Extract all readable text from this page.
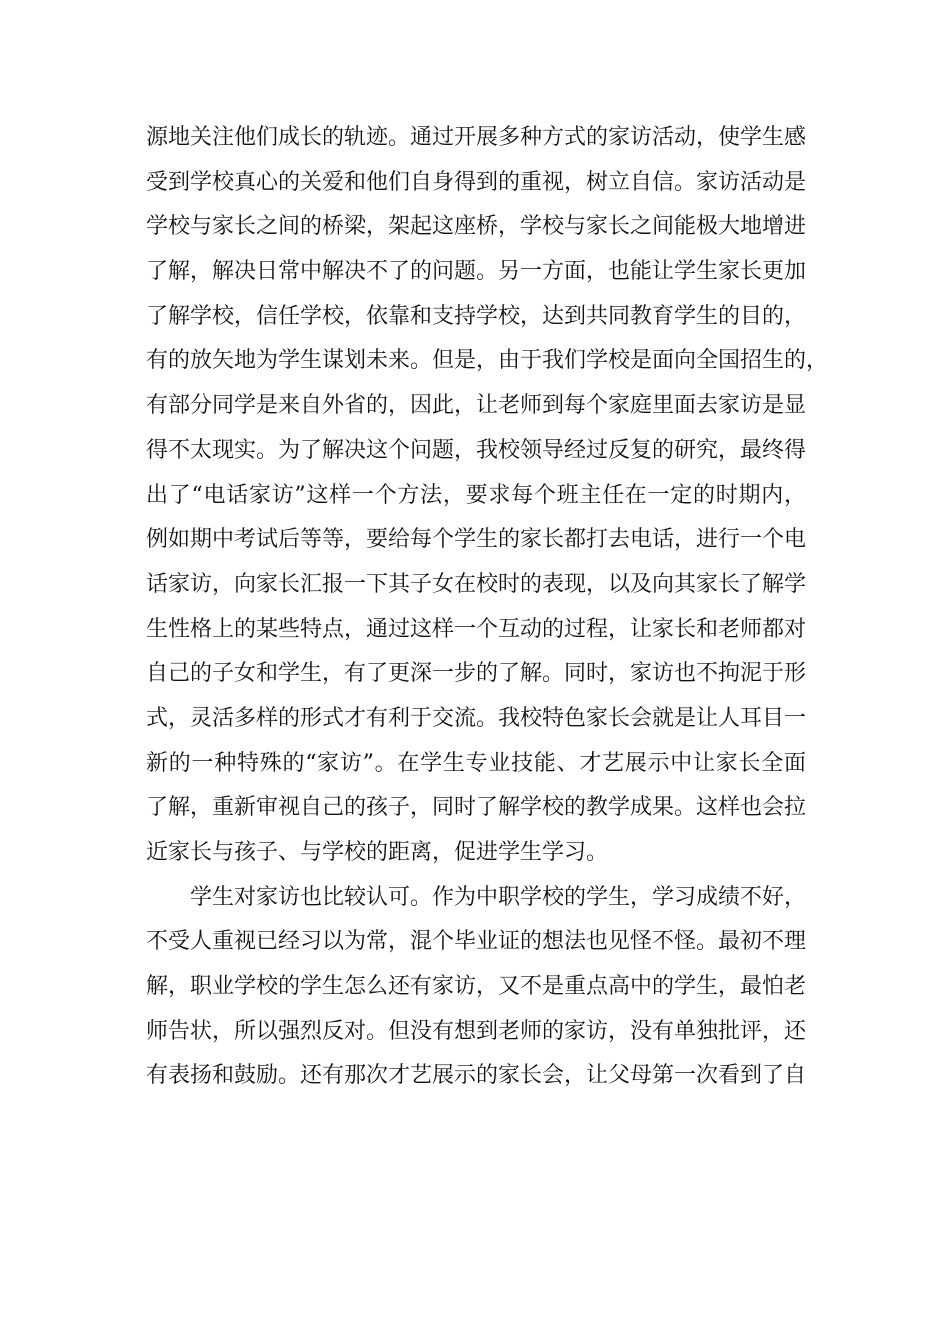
源地关注他们成长的轨迹。通过开展多种方式的家访活动，使学生感
受到学校真心的关爱和他们自身得到的重视，树立自信。家访活动是
学校与家长之间的桥梁，架起这座桥，学校与家长之间能极大地增进
了解，解决日常中解决不了的问题。另一方面，也能让学生家长更加
了解学校，信任学校，依靠和支持学校，达到共同教育学生的目的，
有的放矢地为学生谋划未来。但是，由于我们学校是面向全国招生的，
有部分同学是来自外省的，因此，让老师到每个家庭里面去家访是显
得不太现实。为了解决这个问题，我校领导经过反复的研究，最终得
出了“电话家访”这样一个方法，要求每个班主任在一定的时期内，
例如期中考试后等等，要给每个学生的家长都打去电话，进行一个电
话家访，向家长汇报一下其子女在校时的表现，以及向其家长了解学
生性格上的某些特点，通过这样一个互动的过程，让家长和老师都对
自己的子女和学生，有了更深一步的了解。同时，家访也不拘泥于形
式，灵活多样的形式才有利于交流。我校特色家长会就是让人耳目一
新的一种特殊的“家访”。在学生专业技能、才艺展示中让家长全面
了解，重新审视自己的孩子，同时了解学校的教学成果。这样也会拉
近家长与孩子、与学校的距离，促进学生学习。
学生对家访也比较认可。作为中职学校的学生，学习成绩不好，
不受人重视已经习以为常，混个毕业证的想法也见怪不怪。最初不理
解，职业学校的学生怎么还有家访，又不是重点高中的学生，最怕老
师告状，所以强烈反对。但没有想到老师的家访，没有单独批评，还
有表扬和鼓励。还有那次才艺展示的家长会，让父母第一次看到了自
